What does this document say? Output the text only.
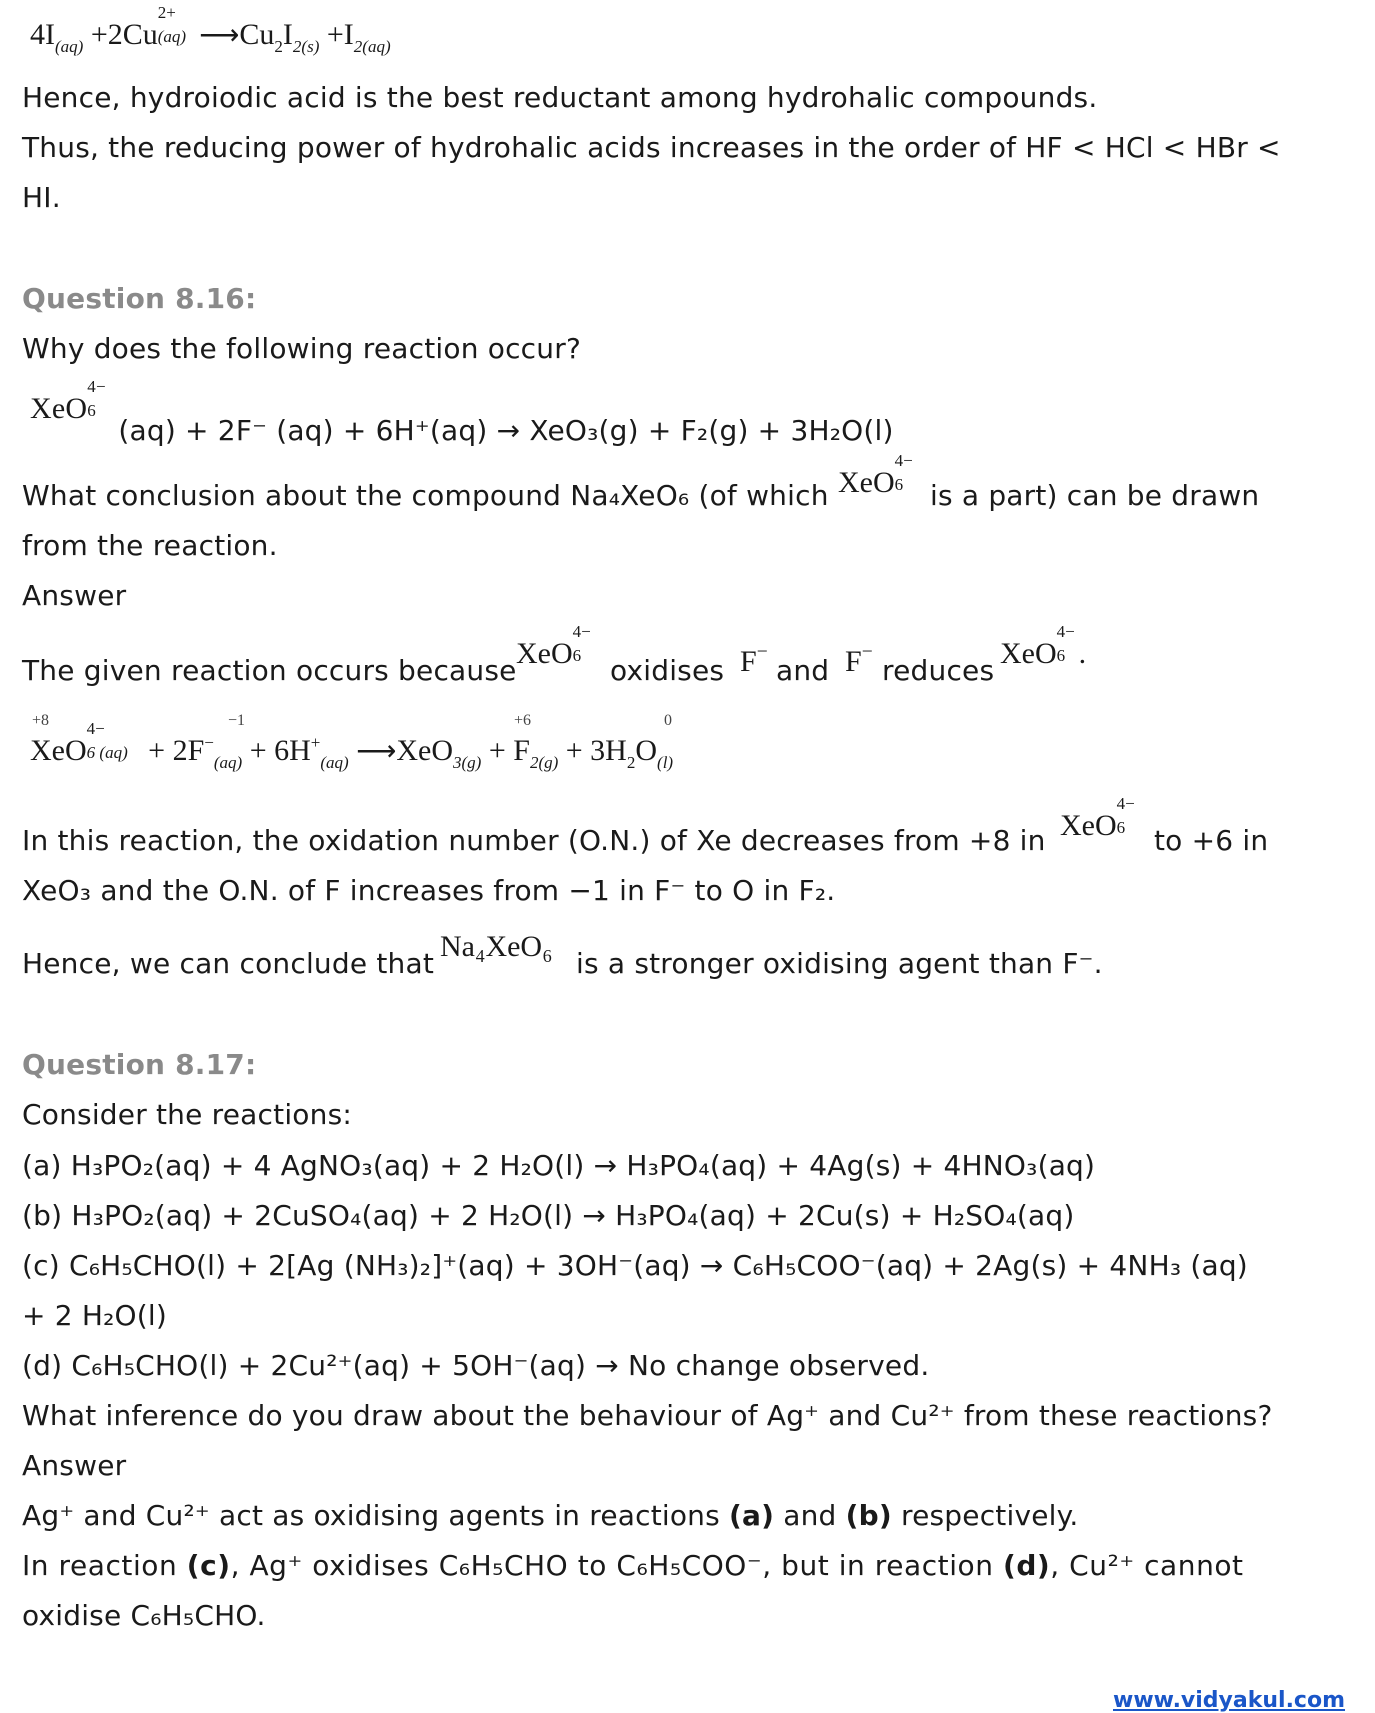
$4I_{(aq)} +2Cu$
2+
(aq) $⟶Cu_2I_{2(s)} +I_{2(aq)}$
Hence, hydroiodic acid is the best reductant among hydrohalic compounds.
Thus, the reducing power of hydrohalic acids increases in the order of HF < HCl < HBr <
HI.
Question 8.16:
Why does the following reaction occur?
XeO
4−
6
(aq) + 2F⁻ (aq) + 6H⁺(aq) → XeO₃(g) + F₂(g) + 3H₂O(l)
What conclusion about the compound Na₄XeO₆ (of which XeO
4−
6 is a part) can be drawn
from the reaction.
Answer
The given reaction occurs because
XeO
4−
6 oxidises F−
and F−
reduces
XeO
4−
6 .
+8	−1	+6	0
XeO
4−
6 $(aq) + 2F^-_{(aq)} + 6H^+_{(aq)}$ ⟶XeO$_{3(g)}$ + $F_{2(g)} + 3H_2O_{(l)}$
In this reaction, the oxidation number (O.N.) of Xe decreases from +8 in XeO
4−
6 to +6 in
XeO₃ and the O.N. of F increases from −1 in F⁻ to O in F₂.
Hence, we can conclude that
Na₄XeO₆
is a stronger oxidising agent than F⁻.
Question 8.17:
Consider the reactions:
(a) H₃PO₂(aq) + 4 AgNO₃(aq) + 2 H₂O(l) → H₃PO₄(aq) + 4Ag(s) + 4HNO₃(aq)
(b) H₃PO₂(aq) + 2CuSO₄(aq) + 2 H₂O(l) → H₃PO₄(aq) + 2Cu(s) + H₂SO₄(aq)
(c) C₆H₅CHO(l) + 2[Ag (NH₃)₂]⁺(aq) + 3OH⁻(aq) → C₆H₅COO⁻(aq) + 2Ag(s) + 4NH₃ (aq)
+ 2 H₂O(l)
(d) C₆H₅CHO(l) + 2Cu²⁺(aq) + 5OH⁻(aq) → No change observed.
What inference do you draw about the behaviour of Ag⁺ and Cu²⁺ from these reactions?
Answer
Ag⁺ and Cu²⁺ act as oxidising agents in reactions (a) and (b) respectively.
In reaction (c), Ag⁺ oxidises C₆H₅CHO to C₆H₅COO⁻, but in reaction (d), Cu²⁺ cannot
oxidise C₆H₅CHO.
www.vidyakul.com
